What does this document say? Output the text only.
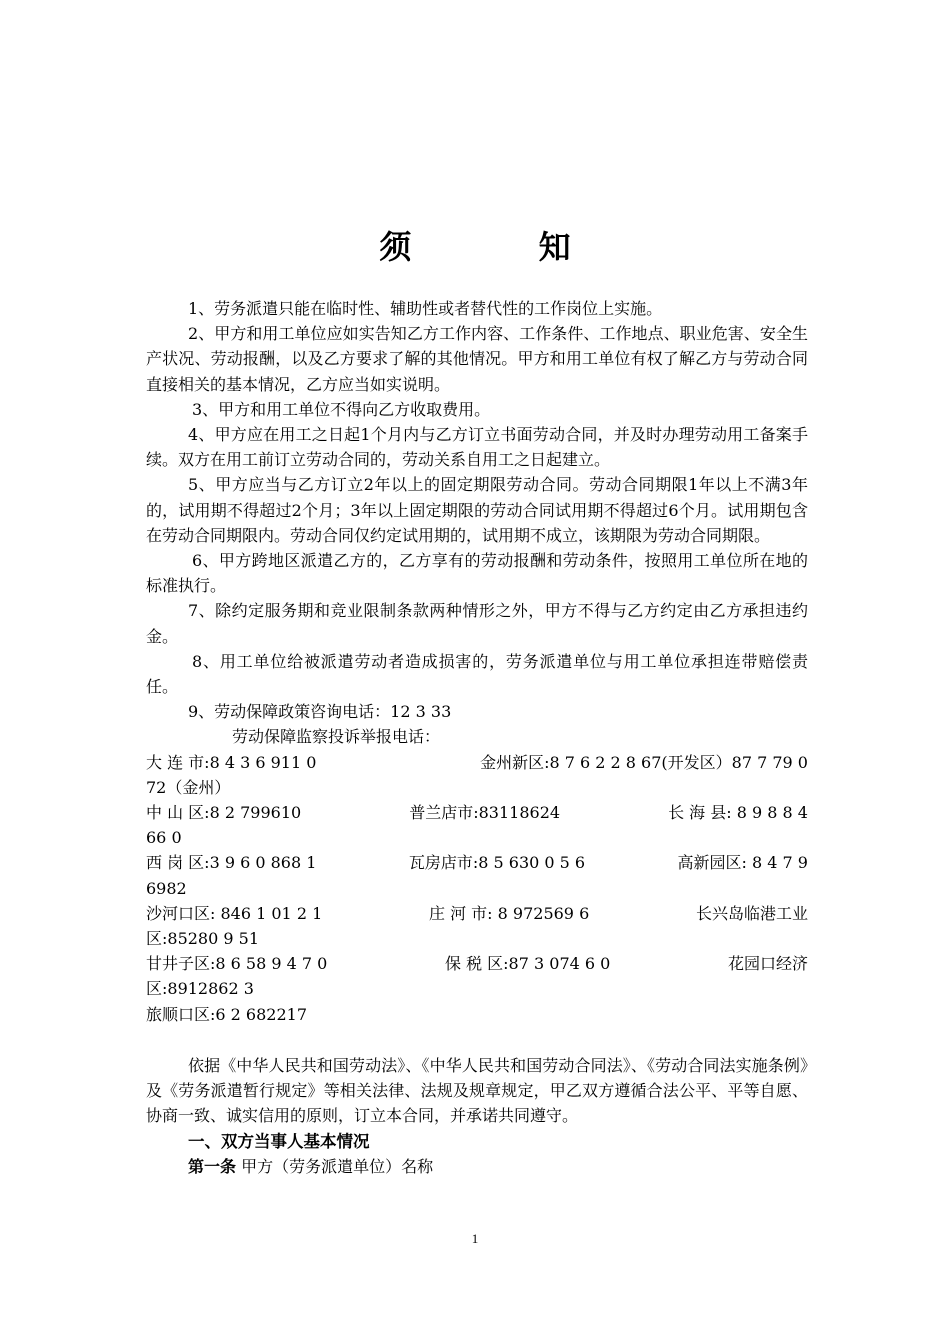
须 知

1、劳务派遣只能在临时性、辅助性或者替代性的工作岗位上实施。

2、甲方和用工单位应如实告知乙方工作内容、工作条件、工作地点、职业危害、安全生产状况、劳动报酬，以及乙方要求了解的其他情况。甲方和用工单位有权了解乙方与劳动合同直接相关的基本情况，乙方应当如实说明。

3、甲方和用工单位不得向乙方收取费用。

4、甲方应在用工之日起1个月内与乙方订立书面劳动合同，并及时办理劳动用工备案手续。双方在用工前订立劳动合同的，劳动关系自用工之日起建立。

5、甲方应当与乙方订立2年以上的固定期限劳动合同。劳动合同期限1年以上不满3年的，试用期不得超过2个月；3年以上固定期限的劳动合同试用期不得超过6个月。试用期包含在劳动合同期限内。劳动合同仅约定试用期的，试用期不成立，该期限为劳动合同期限。

6、甲方跨地区派遣乙方的，乙方享有的劳动报酬和劳动条件，按照用工单位所在地的标准执行。

7、除约定服务期和竞业限制条款两种情形之外，甲方不得与乙方约定由乙方承担违约金。

8、用工单位给被派遣劳动者造成损害的，劳务派遣单位与用工单位承担连带赔偿责任。

9、劳动保障政策咨询电话：12 3 33

劳动保障监察投诉举报电话：

大 连 市:8 4 3 6 911 0	金州新区:8 7 6 2 2 8 67(开发区）87 7 79 0

72（金州）

中 山 区:8 2 799610	普兰店市:83118624	长 海 县: 8 9 8 8 4

66 0

西 岗 区:3 9 6 0 868 1	瓦房店市:8 5 630 0 5 6	高新园区: 8 4 7 9

6982

沙河口区: 846 1 01 2 1	庄 河 市: 8 972569 6	长兴岛临港工业

区:85280 9 51

甘井子区:8 6 58 9 4 7 0	保 税 区:87 3 074 6 0	花园口经济

区:8912862 3

旅顺口区:6 2 682217

依据《中华人民共和国劳动法》、《中华人民共和国劳动合同法》、《劳动合同法实施条例》及《劳务派遣暂行规定》等相关法律、法规及规章规定，甲乙双方遵循合法公平、平等自愿、协商一致、诚实信用的原则，订立本合同，并承诺共同遵守。

一、双方当事人基本情况

第一条 甲方（劳务派遣单位）名称

1
